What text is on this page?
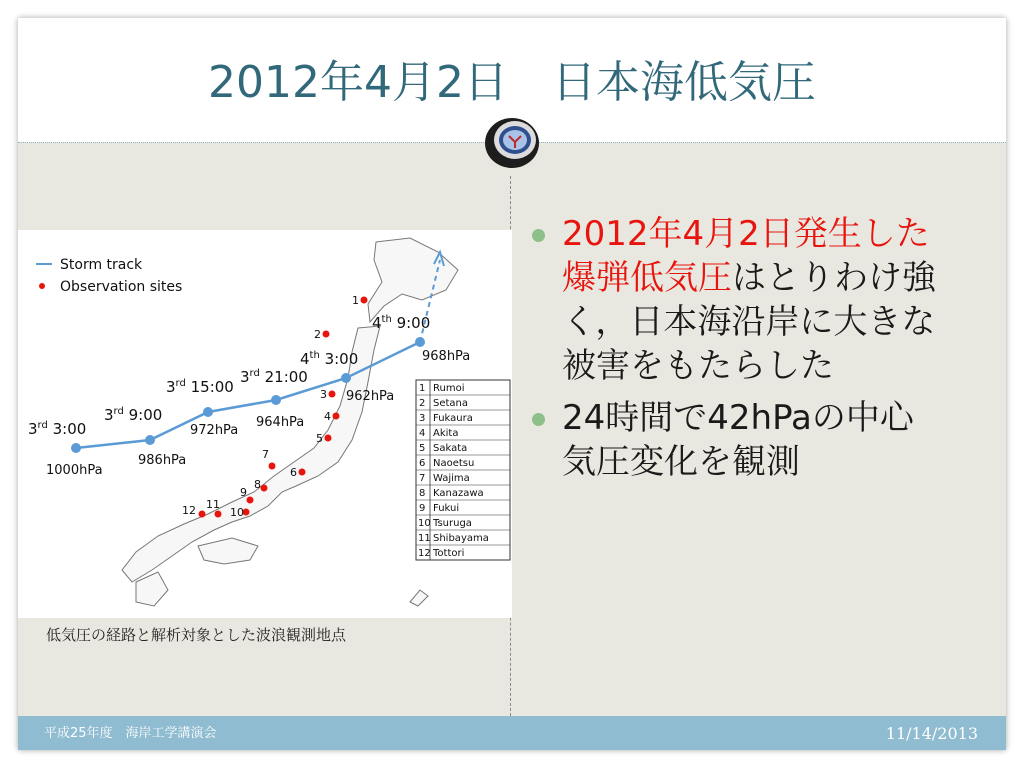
2012年4月2日　日本海低気圧
3rd 3:00
1000hPa
3rd 9:00
986hPa
3rd 15:00
972hPa
3rd 21:00
964hPa
4th 3:00
962hPa
4th 9:00
968hPa
Storm track
Observation sites
1
2
3
4
5
6
7
8
9
10
11
12
1 Rumoi
2 Setana
3 Fukaura
4 Akita
5 Sakata
6 Naoetsu
7 Wajima
8 Kanazawa
9 Fukui
10 Tsuruga
11 Shibayama
12 Tottori
低気圧の経路と解析対象とした波浪観測地点
2012年4月2日発生した爆弾低気圧はとりわけ強く，日本海沿岸に大きな被害をもたらした
24時間で42hPaの中心気圧変化を観測
平成25年度　海岸工学講演会	11/14/2013
